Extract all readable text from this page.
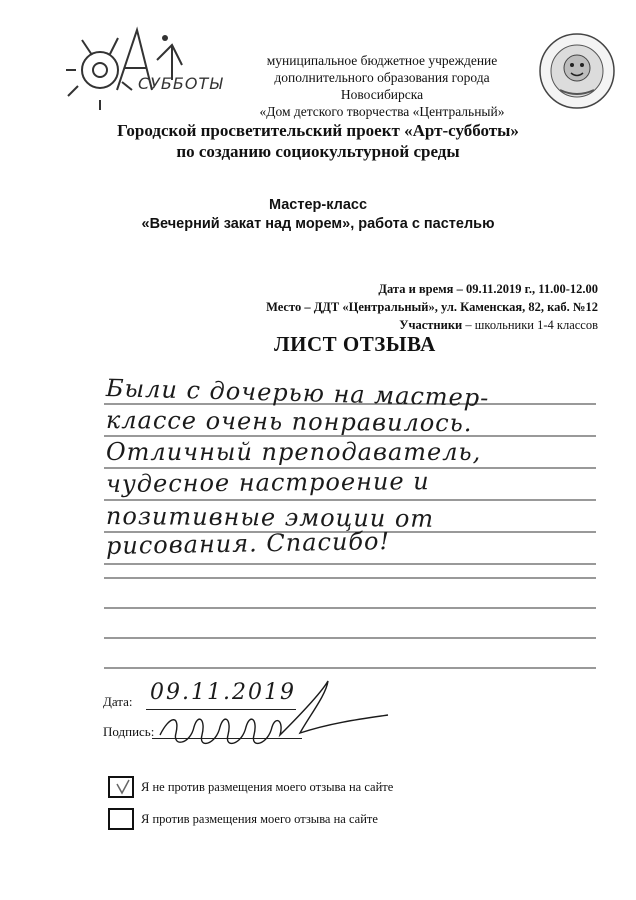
СУББОТЫ
муниципальное бюджетное учреждение
дополнительного образования города Новосибирска
«Дом детского творчества «Центральный»
Городской просветительский проект «Арт-субботы»
по созданию социокультурной среды
Мастер-класс
«Вечерний закат над морем», работа с пастелью
Дата и время – 09.11.2019 г., 11.00-12.00
Место – ДДТ «Центральный», ул. Каменская, 82, каб. №12
Участники – школьники 1-4 классов
ЛИСТ ОТЗЫВА
Были с дочерью на мастер-
классе очень понравилось.
Отличный преподаватель,
чудесное настроение и
позитивные эмоции от
рисования. Спасибо!
Дата: 09.11.2019
Подпись:
Я не против размещения моего отзыва на сайте
Я против размещения моего отзыва на сайте
